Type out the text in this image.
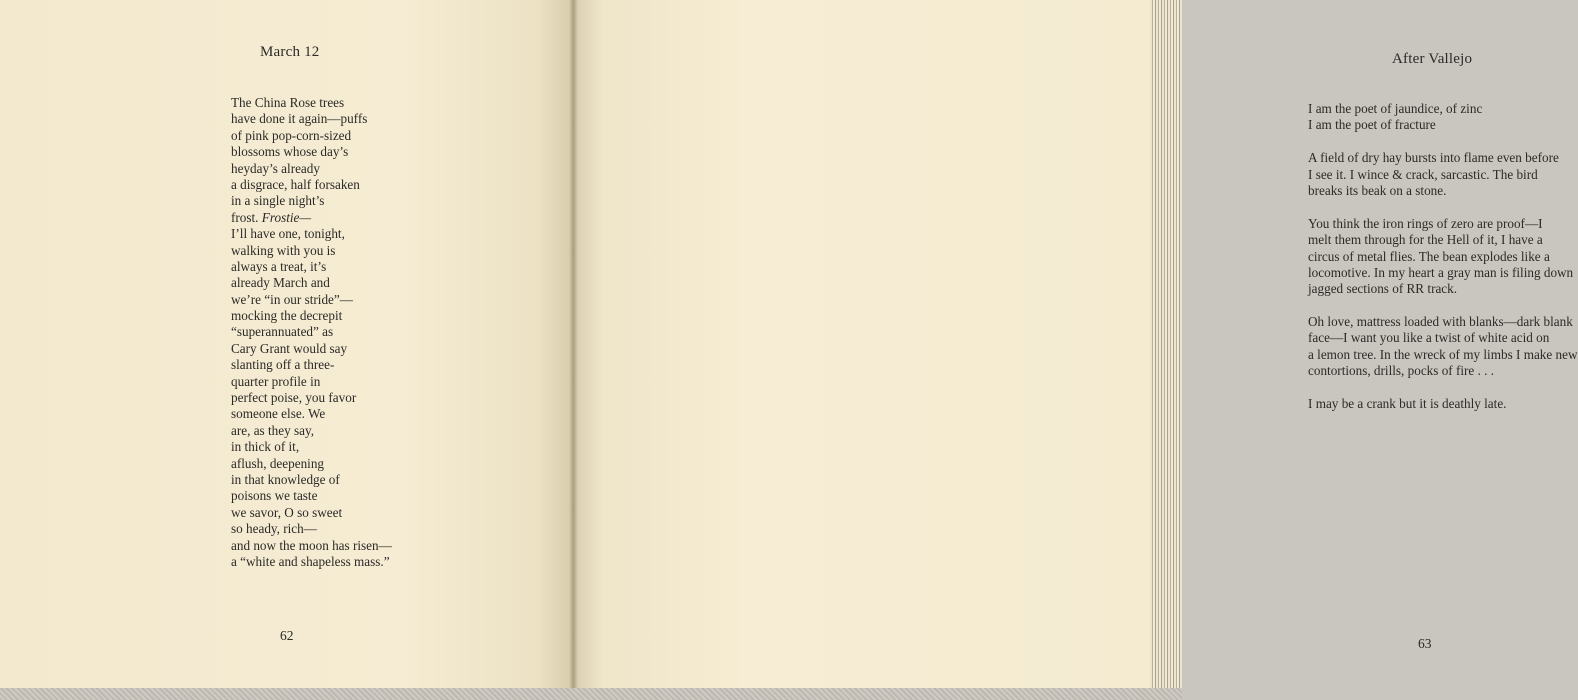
March 12
The China Rose trees
have done it again—puffs
of pink pop-corn-sized
blossoms whose day’s
heyday’s already
a disgrace, half forsaken
in a single night’s
frost. Frostie—
I’ll have one, tonight,
walking with you is
always a treat, it’s
already March and
we’re “in our stride”—
mocking the decrepit
“superannuated” as
Cary Grant would say
slanting off a three-
quarter profile in
perfect poise, you favor
someone else. We
are, as they say,
in thick of it,
aflush, deepening
in that knowledge of
poisons we taste
we savor, O so sweet
so heady, rich—
and now the moon has risen—
a “white and shapeless mass.”
62
After Vallejo
I am the poet of jaundice, of zinc
I am the poet of fracture
A field of dry hay bursts into flame even before
I see it. I wince & crack, sarcastic. The bird
breaks its beak on a stone.
You think the iron rings of zero are proof—I
melt them through for the Hell of it, I have a
circus of metal flies. The bean explodes like a
locomotive. In my heart a gray man is filing down
jagged sections of RR track.
Oh love, mattress loaded with blanks—dark blank
face—I want you like a twist of white acid on
a lemon tree. In the wreck of my limbs I make new
contortions, drills, pocks of fire . . .
I may be a crank but it is deathly late.
63
